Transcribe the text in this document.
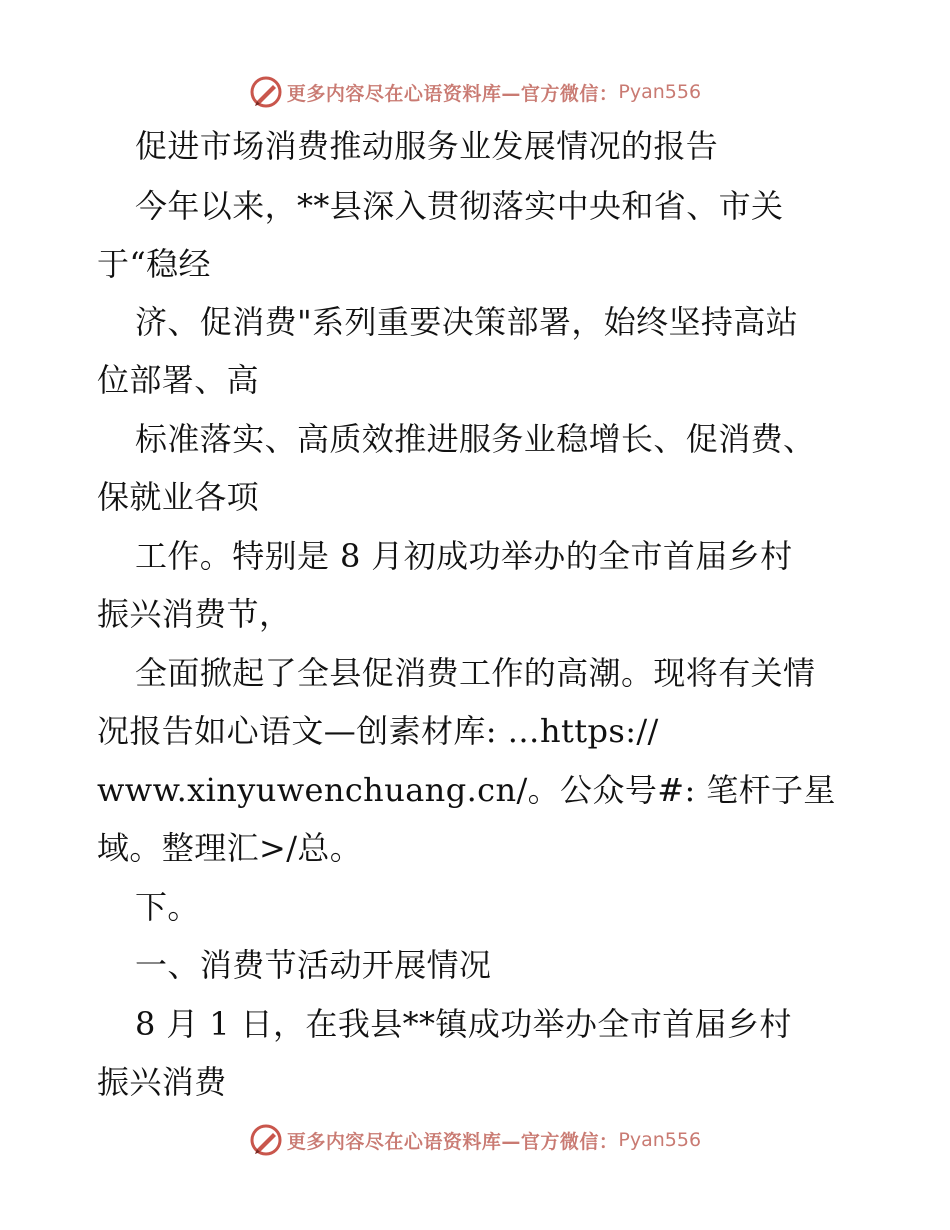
更多内容尽在心语资料库—官方微信： Pyan556
促进市场消费推动服务业发展情况的报告
今年以来，**县深入贯彻落实中央和省、市关
于“稳经
济、促消费"系列重要决策部署，始终坚持高站
位部署、高
标准落实、高质效推进服务业稳增长、促消费、
保就业各项
工作。特别是 8 月初成功举办的全市首届乡村
振兴消费节，
全面掀起了全县促消费工作的高潮。现将有关情
况报告如心语文—创素材库: …https://
www.xinyuwenchuang.cn/。公众号#: 笔杆子星
域。整理汇>/总。
下。
一、消费节活动开展情况
8 月 1 日，在我县**镇成功举办全市首届乡村
振兴消费
更多内容尽在心语资料库—官方微信： Pyan556
